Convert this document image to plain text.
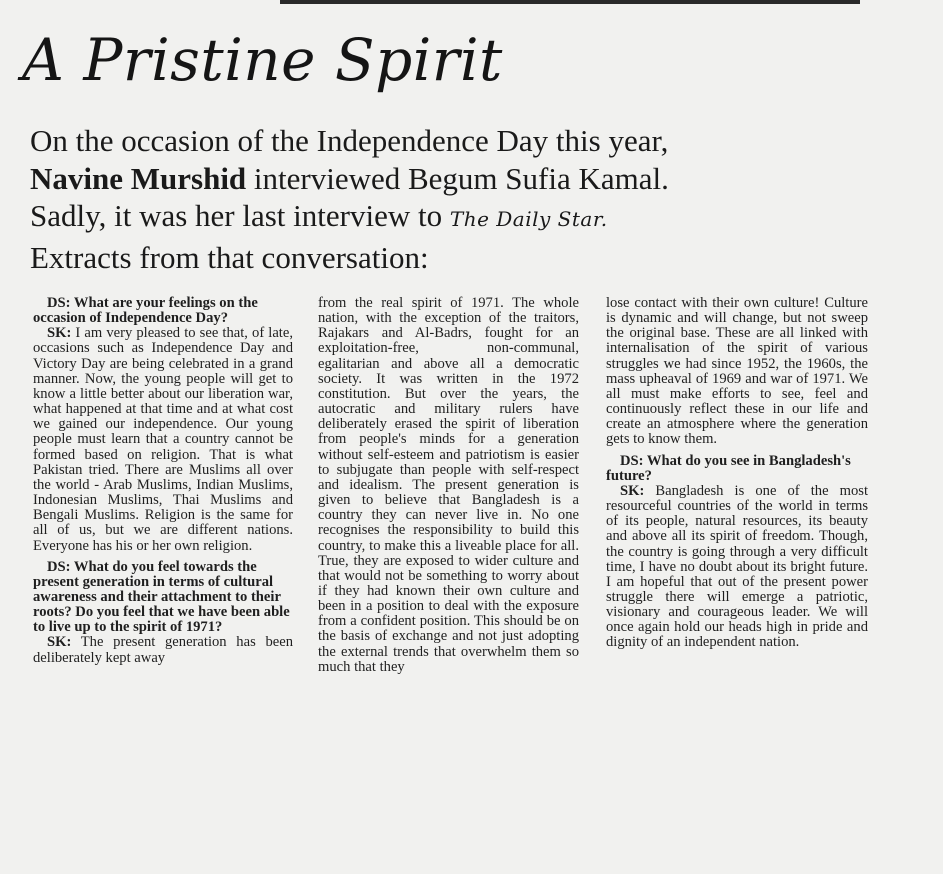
A Pristine Spirit
On the occasion of the Independence Day this year,
Navine Murshid interviewed Begum Sufia Kamal.
Sadly, it was her last interview to The Daily Star.
Extracts from that conversation:

DS: What are your feelings on the occasion of Independence Day?

SK: I am very pleased to see that, of late, occasions such as Independence Day and Victory Day are being celebrated in a grand manner. Now, the young people will get to know a little better about our liberation war, what happened at that time and at what cost we gained our independence. Our young people must learn that a country cannot be formed based on religion. That is what Pakistan tried. There are Muslims all over the world - Arab Muslims, Indian Muslims, Indonesian Muslims, Thai Muslims and Bengali Muslims. Religion is the same for all of us, but we are different nations. Everyone has his or her own religion.

DS: What do you feel towards the present generation in terms of cultural awareness and their attachment to their roots? Do you feel that we have been able to live up to the spirit of 1971?

SK: The present generation has been deliberately kept away

from the real spirit of 1971. The whole nation, with the exception of the traitors, Rajakars and Al-Badrs, fought for an exploitation-free, non-communal, egalitarian and above all a democratic society. It was written in the 1972 constitution. But over the years, the autocratic and military rulers have deliberately erased the spirit of liberation from people's minds for a generation without self-esteem and patriotism is easier to subjugate than people with self-respect and idealism. The present generation is given to believe that Bangladesh is a country they can never live in. No one recognises the responsibility to build this country, to make this a liveable place for all. True, they are exposed to wider culture and that would not be something to worry about if they had known their own culture and been in a position to deal with the exposure from a confident position. This should be on the basis of exchange and not just adopting the external trends that overwhelm them so much that they

lose contact with their own culture! Culture is dynamic and will change, but not sweep the original base. These are all linked with internalisation of the spirit of various struggles we had since 1952, the 1960s, the mass upheaval of 1969 and war of 1971. We all must make efforts to see, feel and continuously reflect these in our life and create an atmosphere where the generation gets to know them.

DS: What do you see in Bangladesh's future?

SK: Bangladesh is one of the most resourceful countries of the world in terms of its people, natural resources, its beauty and above all its spirit of freedom. Though, the country is going through a very difficult time, I have no doubt about its bright future. I am hopeful that out of the present power struggle there will emerge a patriotic, visionary and courageous leader. We will once again hold our heads high in pride and dignity of an independent nation.
